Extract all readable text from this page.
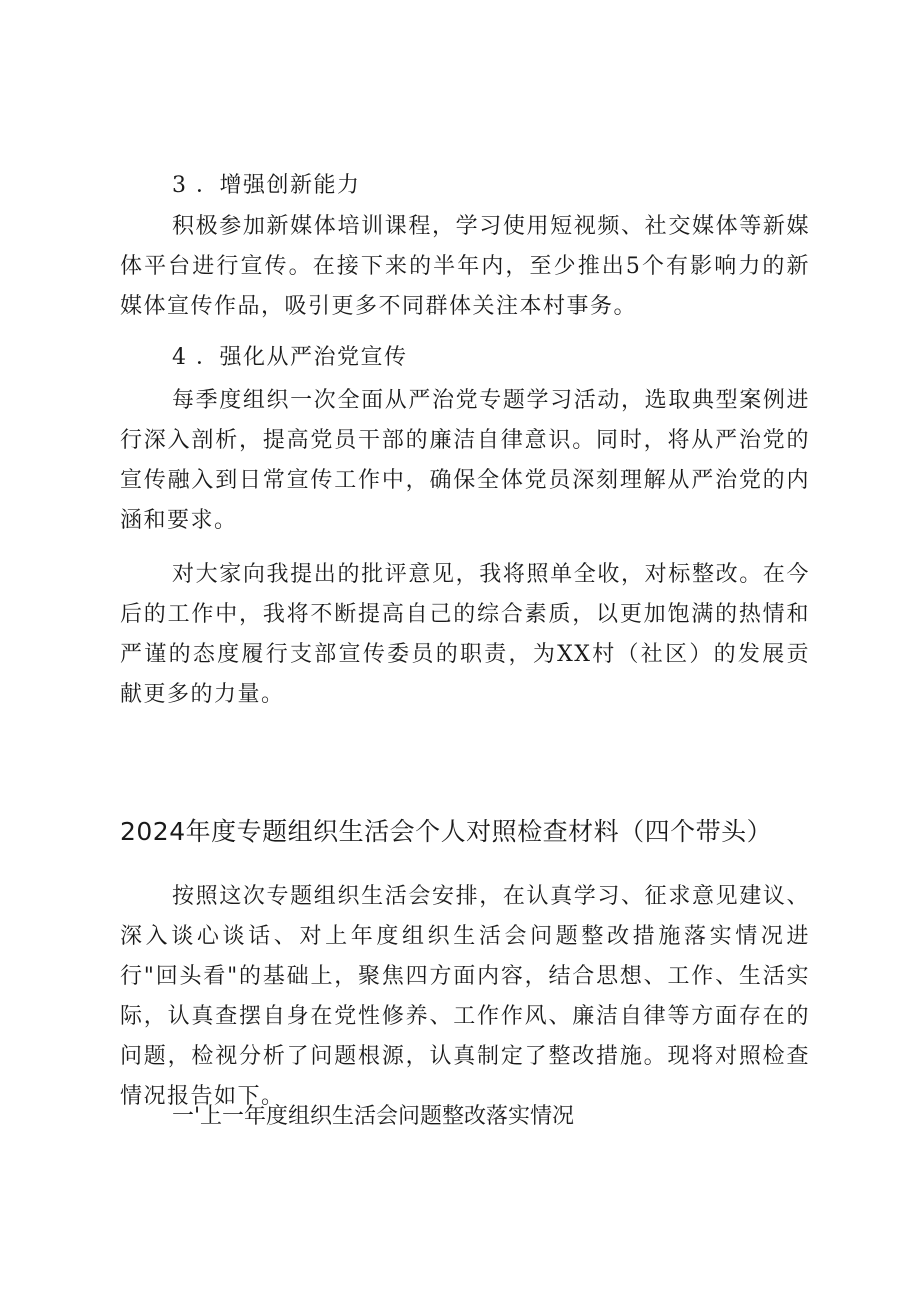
3 ．增强创新能力

积极参加新媒体培训课程，学习使用短视频、社交媒体等新媒体平台进行宣传。在接下来的半年内，至少推出5个有影响力的新媒体宣传作品，吸引更多不同群体关注本村事务。

4 ．强化从严治党宣传

每季度组织一次全面从严治党专题学习活动，选取典型案例进行深入剖析，提高党员干部的廉洁自律意识。同时，将从严治党的宣传融入到日常宣传工作中，确保全体党员深刻理解从严治党的内涵和要求。

对大家向我提出的批评意见，我将照单全收，对标整改。在今后的工作中，我将不断提高自己的综合素质，以更加饱满的热情和严谨的态度履行支部宣传委员的职责，为XX村（社区）的发展贡献更多的力量。

2024年度专题组织生活会个人对照检查材料（四个带头）

按照这次专题组织生活会安排，在认真学习、征求意见建议、深入谈心谈话、对上年度组织生活会问题整改措施落实情况进行"回头看"的基础上，聚焦四方面内容，结合思想、工作、生活实际，认真查摆自身在党性修养、工作作风、廉洁自律等方面存在的问题，检视分析了问题根源，认真制定了整改措施。现将对照检查情况报告如下。

一'上一年度组织生活会问题整改落实情况
